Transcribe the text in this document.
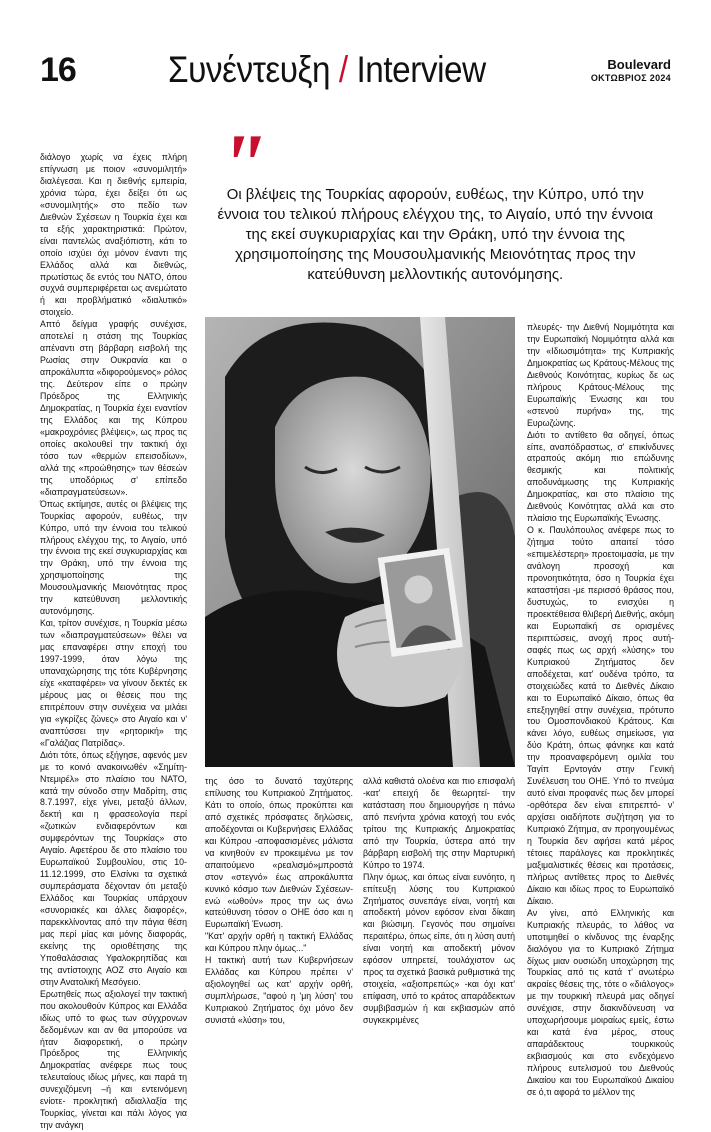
16 Συνέντευξη / Interview	Boulevard
ΟΚΤΩΒΡΙΟΣ 2024
"
Οι βλέψεις της Τουρκίας αφορούν, ευθέως, την Κύπρο, υπό την έννοια του τελικού πλήρους ελέγχου της, το Αιγαίο, υπό την έννοια της εκεί συγκυριαρχίας και την Θράκη, υπό την έννοια της χρησιμοποίησης της Μουσουλμανικής Μειονότητας προς την κατεύθυνση μελλοντικής αυτονόμησης.

διάλογο χωρίς να έχεις πλήρη επίγνωση με ποιον «συνομιλητή» διαλέγεσαι. Και η διεθνής εμπειρία, χρόνια τώρα, έχει δείξει ότι ως «συνομιλητής» στο πεδίο των Διεθνών Σχέσεων η Τουρκία έχει και τα εξής χαρακτηριστικά: Πρώτον, είναι παντελώς αναξιόπιστη, κάτι το οποίο ισχύει όχι μόνον έναντι της Ελλάδος αλλά και διεθνώς, πρωτίστως δε εντός του ΝΑΤΟ, όπου συχνά συμπεριφέρεται ως ανεμώτατο ή και προβλήματικό «διαλυτικό» στοιχείο.

Απτό δείγμα γραφής συνέχισε, αποτελεί η στάση της Τουρκίας απέναντι στη βάρβαρη εισβολή της Ρωσίας στην Ουκρανία και ο απροκάλυπτα «διφορούμενος» ρόλος της. Δεύτερον είπε ο πρώην Πρόεδρος της Ελληνικής Δημοκρατίας, η Τουρκία έχει εναντίον της Ελλάδος και της Κύπρου «μακροχρόνιες βλέψεις», ως προς τις οποίες ακολουθεί την τακτική όχι τόσο των «θερμών επεισοδίων», αλλά της «προώθησης» των θέσεών της υποδόριως σ' επίπεδο «διαπραγματεύσεων».

Όπως εκτίμησε, αυτές οι βλέψεις της Τουρκίας αφορούν, ευθέως, την Κύπρο, υπό την έννοια του τελικού πλήρους ελέγχου της, το Αιγαίο, υπό την έννοια της εκεί συγκυριαρχίας και την Θράκη, υπό την έννοια της χρησιμοποίησης της Μουσουλμανικής Μειονότητας προς την κατεύθυνση μελλοντικής αυτονόμησης.

Και, τρίτον συνέχισε, η Τουρκία μέσω των «διαπραγματεύσεων» θέλει να μας επαναφέρει στην εποχή του 1997-1999, όταν λόγω της υπαναχώρησης της τότε Κυβέρνησης είχε «καταφέρει» να γίνουν δεκτές εκ μέρους μας οι θέσεις που της επιτρέπουν στην συνέχεια να μιλάει για «γκρίζες ζώνες» στο Αιγαίο και ν' αναπτύσσει την «ρητορική» της «Γαλάζιας Πατρίδας».

Διότι τότε, όπως εξήγησε, αφενός μεν με το κοινό ανακοινωθέν «Σημίτη-Ντεμιρέλ» στο πλαίσιο του ΝΑΤΟ, κατά την σύνοδο στην Μαδρίτη, στις 8.7.1997, είχε γίνει, μεταξύ άλλων, δεκτή και η φρασεολογία περί «ζωτικών ενδιαφερόντων και συμφερόντων της Τουρκίας» στο Αιγαίο. Αφετέρου δε στο πλαίσιο του Ευρωπαϊκού Συμβουλίου, στις 10-11.12.1999, στο Ελσίνκι τα σχετικά συμπεράσματα δέχονταν ότι μεταξύ Ελλάδος και Τουρκίας υπάρχουν «συνοριακές και άλλες διαφορές», παρεκκλίνοντας από την πάγια θέση μας περί μίας και μόνης διαφοράς, εκείνης της οριοθέτησης της Υποθαλάσσιας Υφαλοκρηπίδας και της αντίστοιχης ΑΟΖ στο Αιγαίο και στην Ανατολική Μεσόγειο.

Ερωτηθείς πως αξιολογεί την τακτική που ακολουθούν Κύπρος και Ελλάδα ιδίως υπό το φως των σύγχρονων δεδομένων και αν θα μπορούσε να ήταν διαφορετική, ο πρώην Πρόεδρος της Ελληνικής Δημοκρατίας ανέφερε πως τους τελευταίους ιδίως μήνες, και παρά τη συνεχιζόμενη –ή και εντεινόμενη ενίοτε- προκλητική αδιαλλαξία της Τουρκίας, γίνεται και πάλι λόγος για την ανάγκη

της όσο το δυνατό ταχύτερης επίλυσης του Κυπριακού Ζητήματος. Κάτι το οποίο, όπως προκύπτει και από σχετικές πρόσφατες δηλώσεις, αποδέχονται οι Κυβερνήσεις Ελλάδας και Κύπρου -αποφασισμένες μάλιστα να κινηθούν εν προκειμένω με τον απαιτούμενο «ρεαλισμό»μπροστά στον «στεγνό» έως απροκάλυπτα κυνικό κόσμο των Διεθνών Σχέσεων- ενώ «ωθούν» προς την ως άνω κατεύθυνση τόσον ο ΟΗΕ όσο και η Ευρωπαϊκή Ένωση.

"Κατ' αρχήν ορθή η τακτική Ελλάδας και Κύπρου πλην όμως..."

Η τακτική αυτή των Κυβερνήσεων Ελλάδας και Κύπρου πρέπει ν' αξιολογηθεί ως κατ' αρχήν ορθή, συμπλήρωσε, "αφού η 'μη λύση' του Κυπριακού Ζητήματος όχι μόνο δεν συνιστά «λύση» του,

αλλά καθιστά ολοένα και πιο επισφαλή -κατ' επειχή δε θεωρητεί- την κατάσταση που δημιουργήσε η πάνω από πενήντα χρόνια κατοχή του ενός τρίτου της Κυπριακής Δημοκρατίας από την Τουρκία, ύστερα από την βάρβαρη εισβολή της στην Μαρτυρική Κύπρο το 1974.

Πλην όμως, και όπως είναι ευνόητο, η επίτευξη λύσης του Κυπριακού Ζητήματος συνεπάγε είναι, νοητή και αποδεκτή μόνον εφόσον είναι δίκαιη και βιώσιμη. Γεγονός που σημαίνει περαιτέρω, όπως είπε, ότι η λύση αυτή είναι νοητή και αποδεκτή μόνον εφόσον υπηρετεί, τουλάχιστον ως προς τα σχετικά βασικά ρυθμιστικά της στοιχεία, «αξιοπρεπώς» -και όχι κατ' επίφαση, υπό το κράτος απαράδεκτων συμβιβασμών ή και εκβιασμών από συγκεκριμένες

πλευρές- την Διεθνή Νομιμότητα και την Ευρωπαϊκή Νομιμότητα αλλά και την «Ιδιωσιμότητα» της Κυπριακής Δημοκρατίας ως Κράτους-Μέλους της Διεθνούς Κοινότητας, κυρίως δε ως πλήρους Κράτους-Μέλους της Ευρωπαϊκής Ένωσης και του «στενού πυρήνα» της, της Ευρωζώνης.

Διότι το αντίθετο θα οδηγεί, όπως είπε, αναπόδραστως, σ' επικίνδυνες ατραπούς ακόμη πιο επώδυνης θεσμικής και πολιτικής αποδυνάμωσης της Κυπριακής Δημοκρατίας, και στο πλαίσιο της Διεθνούς Κοινότητας αλλά και στο πλαίσιο της Ευρωπαϊκής Ένωσης.

Ο κ. Παυλόπουλος ανέφερε πως το ζήτημα τούτο απαιτεί τόσο «επιμελέστερη» προετοιμασία, με την ανάλογη προσοχή και προνοητικότητα, όσο η Τουρκία έχει καταστήσει -με περισσό θράσος που, δυστυχώς, το ενισχύει η προεκτέθεισα θλιβερή Διεθνής, ακόμη και Ευρωπαϊκή σε ορισμένες περιπτώσεις, ανοχή προς αυτή- σαφές πως ως αρχή «λύσης» του Κυπριακού Ζητήματος δεν αποδέχεται, κατ' ουδένα τρόπο, τα στοιχειώδες κατά το Διεθνές Δίκαιο και το Ευρωπαϊκό Δίκαιο, όπως θα επεξηγηθεί στην συνέχεια, πρότυπο του Ομοσπονδιακού Κράτους. Και κάνει λόγο, ευθέως σημείωσε, για δύο Κράτη, όπως φάνηκε και κατά την προαναφερόμενη ομιλία του Ταγίπ Ερντογάν στην Γενική Συνέλευση του ΟΗΕ. Υπό το πνεύμα αυτό είναι προφανές πως δεν μπορεί -ορθότερα δεν είναι επιτρεπτό- ν' αρχίσει οιαδήποτε συζήτηση για το Κυπριακό Ζήτημα, αν προηγουμένως η Τουρκία δεν αφήσει κατά μέρος τέτοιες παράλογες και προκλητικές μαξιμαλιστικές θέσεις και προτάσεις, πλήρως αντίθετες προς το Διεθνές Δίκαιο και ιδίως προς το Ευρωπαϊκό Δίκαιο.

Αν γίνει, από Ελληνικής και Κυπριακής πλευράς, το λάθος να υποτιμηθεί ο κίνδυνος της έναρξης διαλόγου για το Κυπριακό Ζήτημα δίχως μιαν ουσιώδη υποχώρηση της Τουρκίας από τις κατά τ' ανωτέρω ακραίες θέσεις της, τότε ο «διάλογος» με την τουρκική πλευρά μας οδηγεί συνέχισε, στην διακινδύνευση να υποχωρήσουμε μοιραίως εμείς, έστω και κατά ένα μέρος, στους απαράδεκτους τουρκικούς εκβιασμούς και στο ενδεχόμενο πλήρους ευτελισμού του Διεθνούς Δικαίου και του Ευρωπαϊκού Δικαίου σε ό,τι αφορά το μέλλον της
